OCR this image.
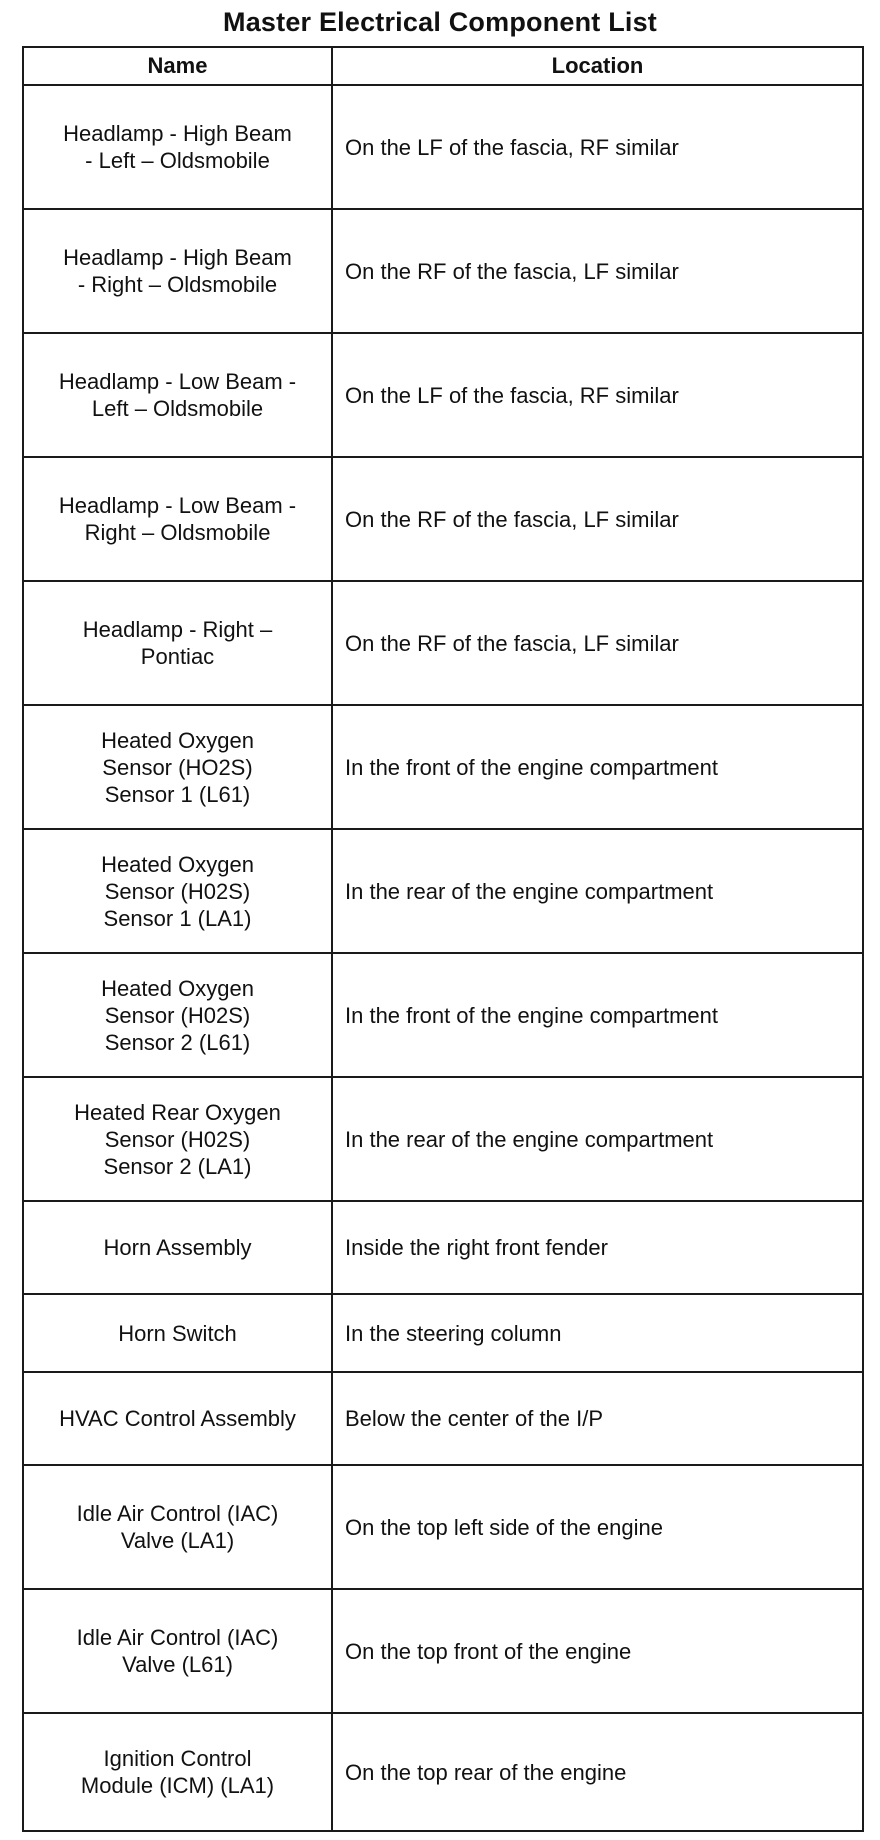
Master Electrical Component List
Name	Location
Headlamp - High Beam
- Left – Oldsmobile	On the LF of the fascia, RF similar
Headlamp - High Beam
- Right – Oldsmobile	On the RF of the fascia, LF similar
Headlamp - Low Beam -
Left – Oldsmobile	On the LF of the fascia, RF similar
Headlamp - Low Beam -
Right – Oldsmobile	On the RF of the fascia, LF similar
Headlamp - Right –
Pontiac	On the RF of the fascia, LF similar
Heated Oxygen
Sensor (HO2S)
Sensor 1 (L61)	In the front of the engine compartment
Heated Oxygen
Sensor (H02S)
Sensor 1 (LA1)	In the rear of the engine compartment
Heated Oxygen
Sensor (H02S)
Sensor 2 (L61)	In the front of the engine compartment
Heated Rear Oxygen
Sensor (H02S)
Sensor 2 (LA1)	In the rear of the engine compartment
Horn Assembly	Inside the right front fender
Horn Switch	In the steering column
HVAC Control Assembly	Below the center of the I/P
Idle Air Control (IAC)
Valve (LA1)	On the top left side of the engine
Idle Air Control (IAC)
Valve (L61)	On the top front of the engine
Ignition Control
Module (ICM) (LA1)	On the top rear of the engine
